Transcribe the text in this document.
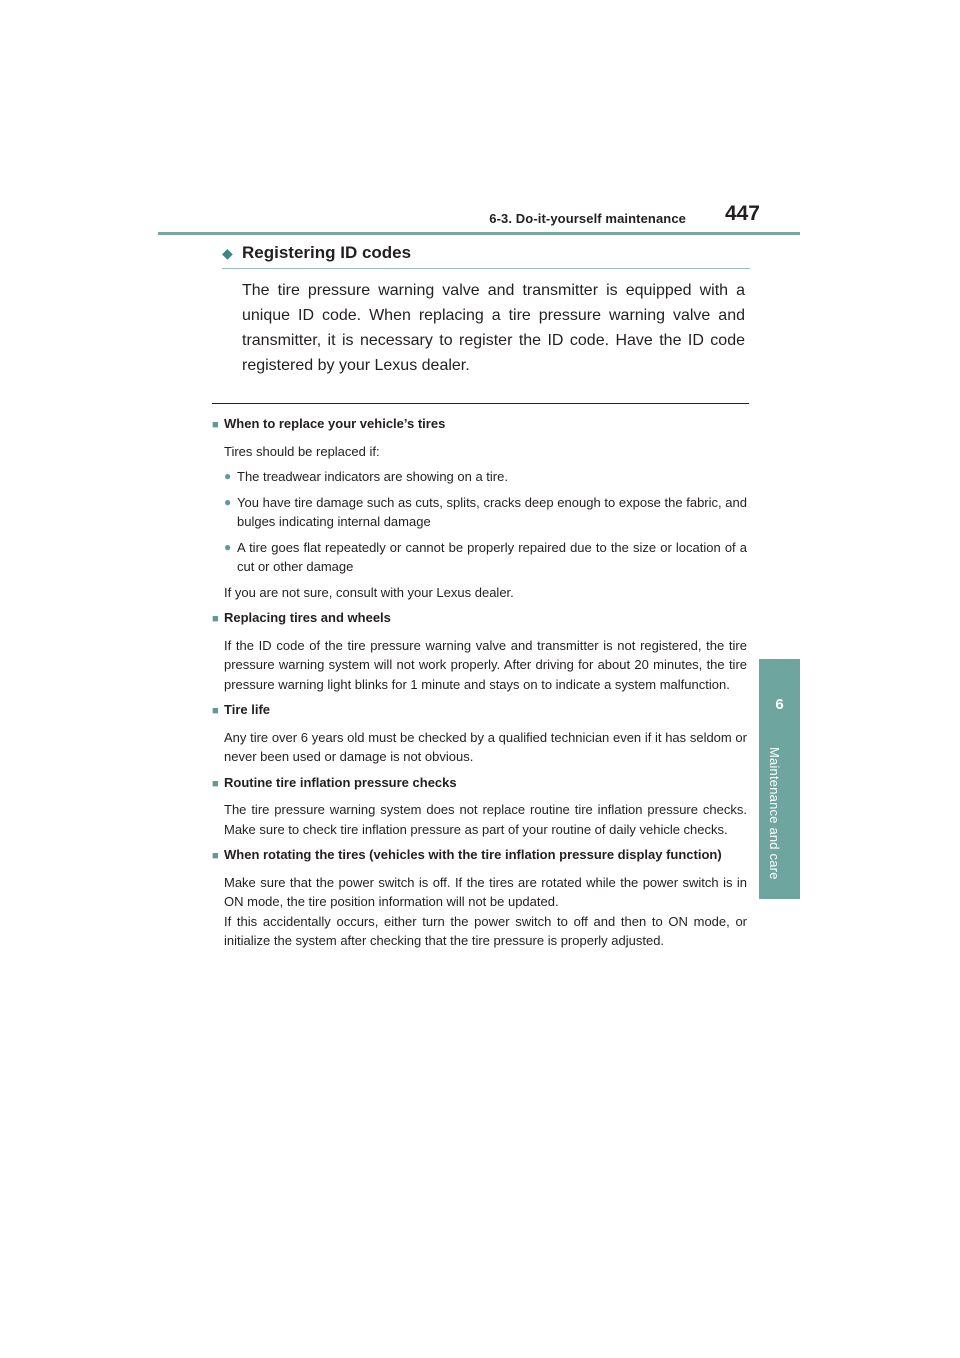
6-3. Do-it-yourself maintenance	447
6
Maintenance and care
◆ Registering ID codes
The tire pressure warning valve and transmitter is equipped with a unique ID code. When replacing a tire pressure warning valve and transmitter, it is necessary to register the ID code. Have the ID code registered by your Lexus dealer.
■ When to replace your vehicle’s tires
Tires should be replaced if:
● The treadwear indicators are showing on a tire.
● You have tire damage such as cuts, splits, cracks deep enough to expose the fabric, and bulges indicating internal damage
● A tire goes flat repeatedly or cannot be properly repaired due to the size or location of a cut or other damage
If you are not sure, consult with your Lexus dealer.
■ Replacing tires and wheels
If the ID code of the tire pressure warning valve and transmitter is not registered, the tire pressure warning system will not work properly. After driving for about 20 minutes, the tire pressure warning light blinks for 1 minute and stays on to indicate a system malfunction.
■ Tire life
Any tire over 6 years old must be checked by a qualified technician even if it has seldom or never been used or damage is not obvious.
■ Routine tire inflation pressure checks
The tire pressure warning system does not replace routine tire inflation pressure checks. Make sure to check tire inflation pressure as part of your routine of daily vehicle checks.
■ When rotating the tires (vehicles with the tire inflation pressure display function)
Make sure that the power switch is off. If the tires are rotated while the power switch is in ON mode, the tire position information will not be updated.
If this accidentally occurs, either turn the power switch to off and then to ON mode, or initialize the system after checking that the tire pressure is properly adjusted.
